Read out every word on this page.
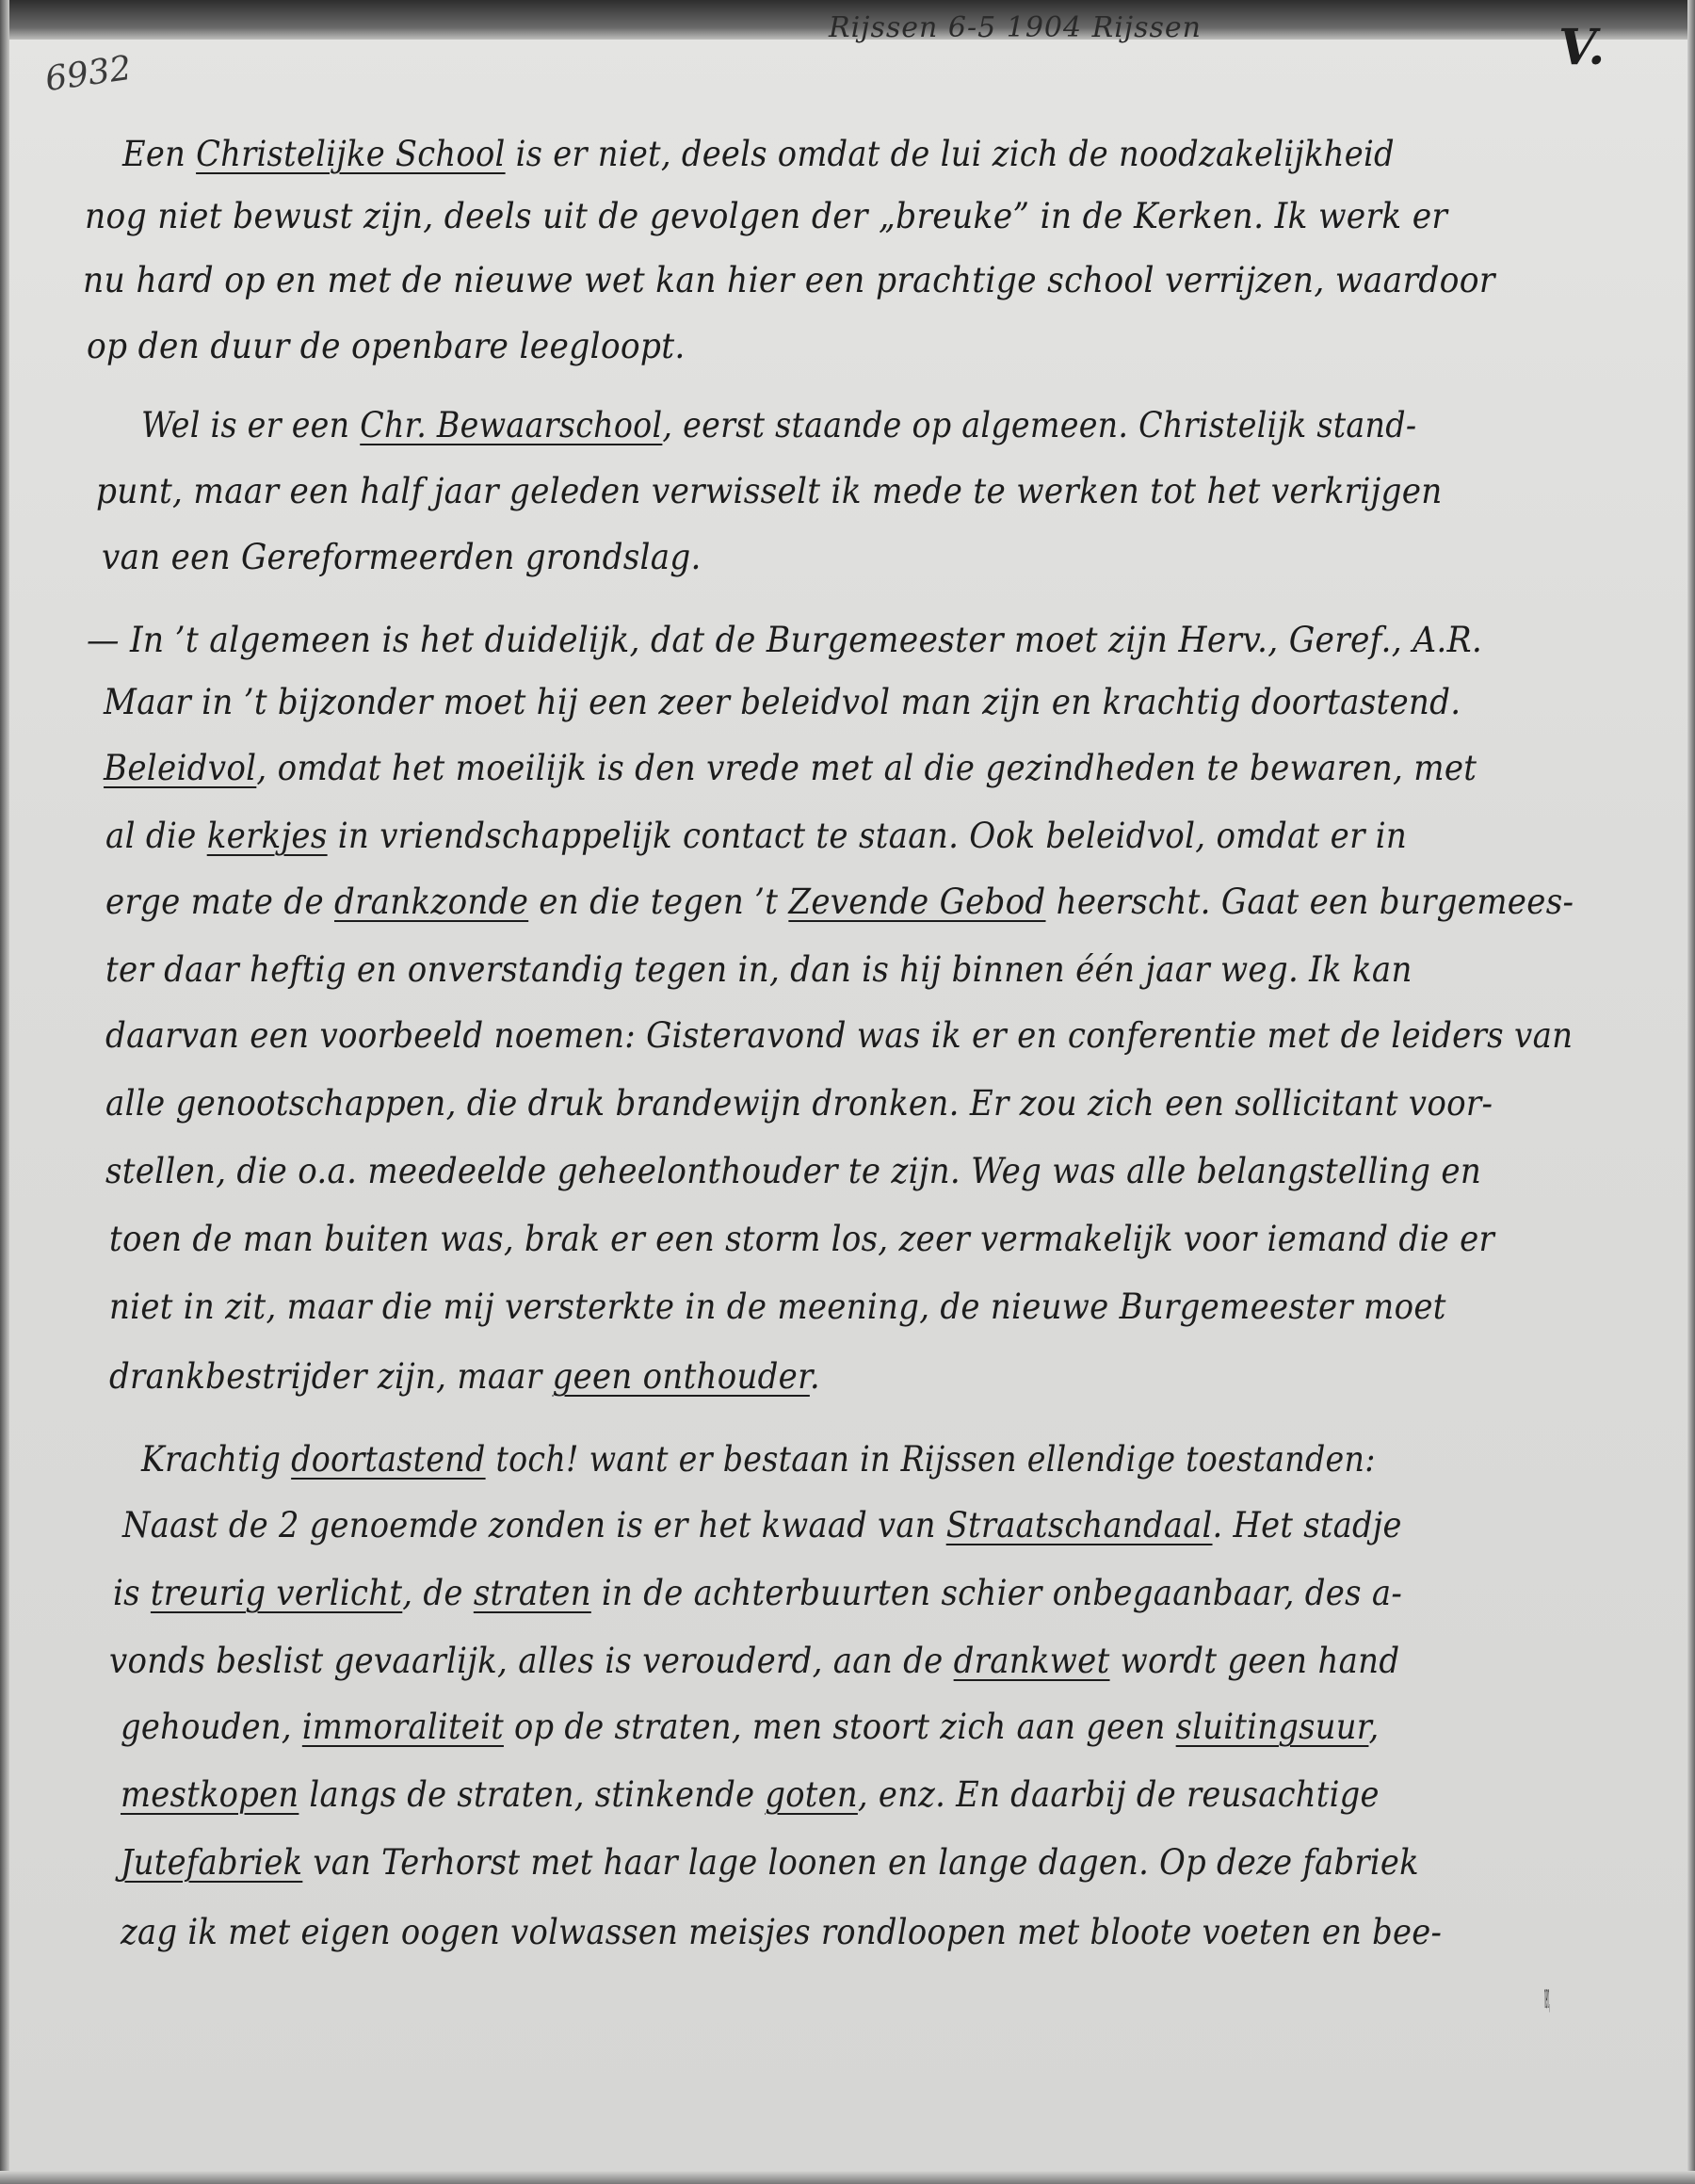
Rijssen 6-5 1904 Rijssen	V.
6932
Een Christelijke School is er niet, deels omdat de lui zich de noodzakelijkheid
nog niet bewust zijn, deels uit de gevolgen der „breuke” in de Kerken. Ik werk er
nu hard op en met de nieuwe wet kan hier een prachtige school verrijzen, waardoor
op den duur de openbare leegloopt.
Wel is er een Chr. Bewaarschool, eerst staande op algemeen. Christelijk stand-
punt, maar een half jaar geleden verwisselt ik mede te werken tot het verkrijgen
van een Gereformeerden grondslag.
— In ’t algemeen is het duidelijk, dat de Burgemeester moet zijn Herv., Geref., A.R.
Maar in ’t bijzonder moet hij een zeer beleidvol man zijn en krachtig doortastend.
Beleidvol, omdat het moeilijk is den vrede met al die gezindheden te bewaren, met
al die kerkjes in vriendschappelijk contact te staan. Ook beleidvol, omdat er in
erge mate de drankzonde en die tegen ’t Zevende Gebod heerscht. Gaat een burgemees-
ter daar heftig en onverstandig tegen in, dan is hij binnen één jaar weg. Ik kan
daarvan een voorbeeld noemen: Gisteravond was ik er en conferentie met de leiders van
alle genootschappen, die druk brandewijn dronken. Er zou zich een sollicitant voor-
stellen, die o.a. meedeelde geheelonthouder te zijn. Weg was alle belangstelling en
toen de man buiten was, brak er een storm los, zeer vermakelijk voor iemand die er
niet in zit, maar die mij versterkte in de meening, de nieuwe Burgemeester moet
drankbestrijder zijn, maar geen onthouder.
Krachtig doortastend toch! want er bestaan in Rijssen ellendige toestanden:
Naast de 2 genoemde zonden is er het kwaad van Straatschandaal. Het stadje
is treurig verlicht, de straten in de achterbuurten schier onbegaanbaar, des a-
vonds beslist gevaarlijk, alles is verouderd, aan de drankwet wordt geen hand
gehouden, immoraliteit op de straten, men stoort zich aan geen sluitingsuur,
mestkopen langs de straten, stinkende goten, enz. En daarbij de reusachtige
Jutefabriek van Terhorst met haar lage loonen en lange dagen. Op deze fabriek
zag ik met eigen oogen volwassen meisjes rondloopen met bloote voeten en bee-
nen,
